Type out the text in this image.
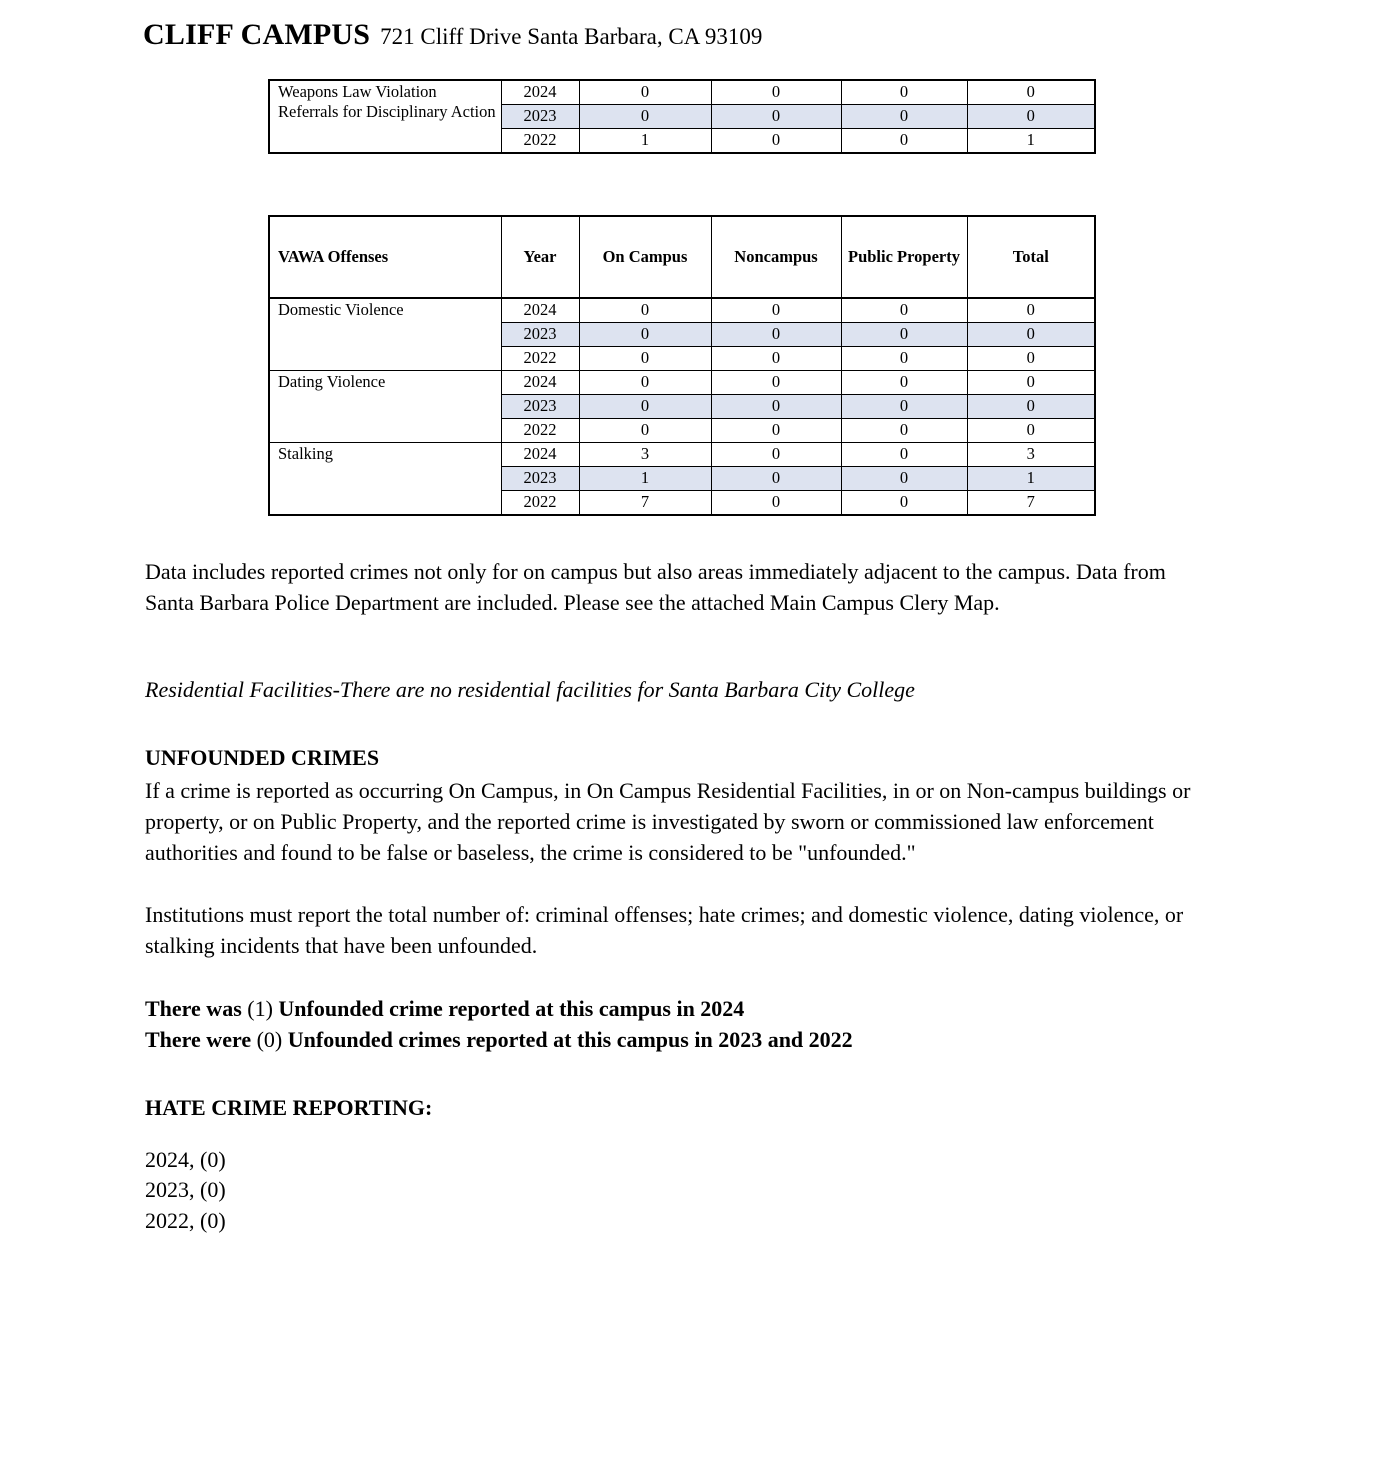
CLIFF CAMPUS 721 Cliff Drive Santa Barbara, CA 93109
Weapons Law Violation Referrals for Disciplinary Action	2024	0	0	0	0
	2023	0	0	0	0
	2022	1	0	0	1
VAWA Offenses	Year	On Campus	Noncampus	Public Property	Total
Domestic Violence	2024	0	0	0	0
	2023	0	0	0	0
	2022	0	0	0	0
Dating Violence	2024	0	0	0	0
	2023	0	0	0	0
	2022	0	0	0	0
Stalking	2024	3	0	0	3
	2023	1	0	0	1
	2022	7	0	0	7
Data includes reported crimes not only for on campus but also areas immediately adjacent to the campus. Data from Santa Barbara Police Department are included. Please see the attached Main Campus Clery Map.
Residential Facilities-There are no residential facilities for Santa Barbara City College
UNFOUNDED CRIMES
If a crime is reported as occurring On Campus, in On Campus Residential Facilities, in or on Non-campus buildings or property, or on Public Property, and the reported crime is investigated by sworn or commissioned law enforcement authorities and found to be false or baseless, the crime is considered to be "unfounded."
Institutions must report the total number of: criminal offenses; hate crimes; and domestic violence, dating violence, or stalking incidents that have been unfounded.
There was (1) Unfounded crime reported at this campus in 2024
There were (0) Unfounded crimes reported at this campus in 2023 and 2022
HATE CRIME REPORTING:
2024, (0)
2023, (0)
2022, (0)
